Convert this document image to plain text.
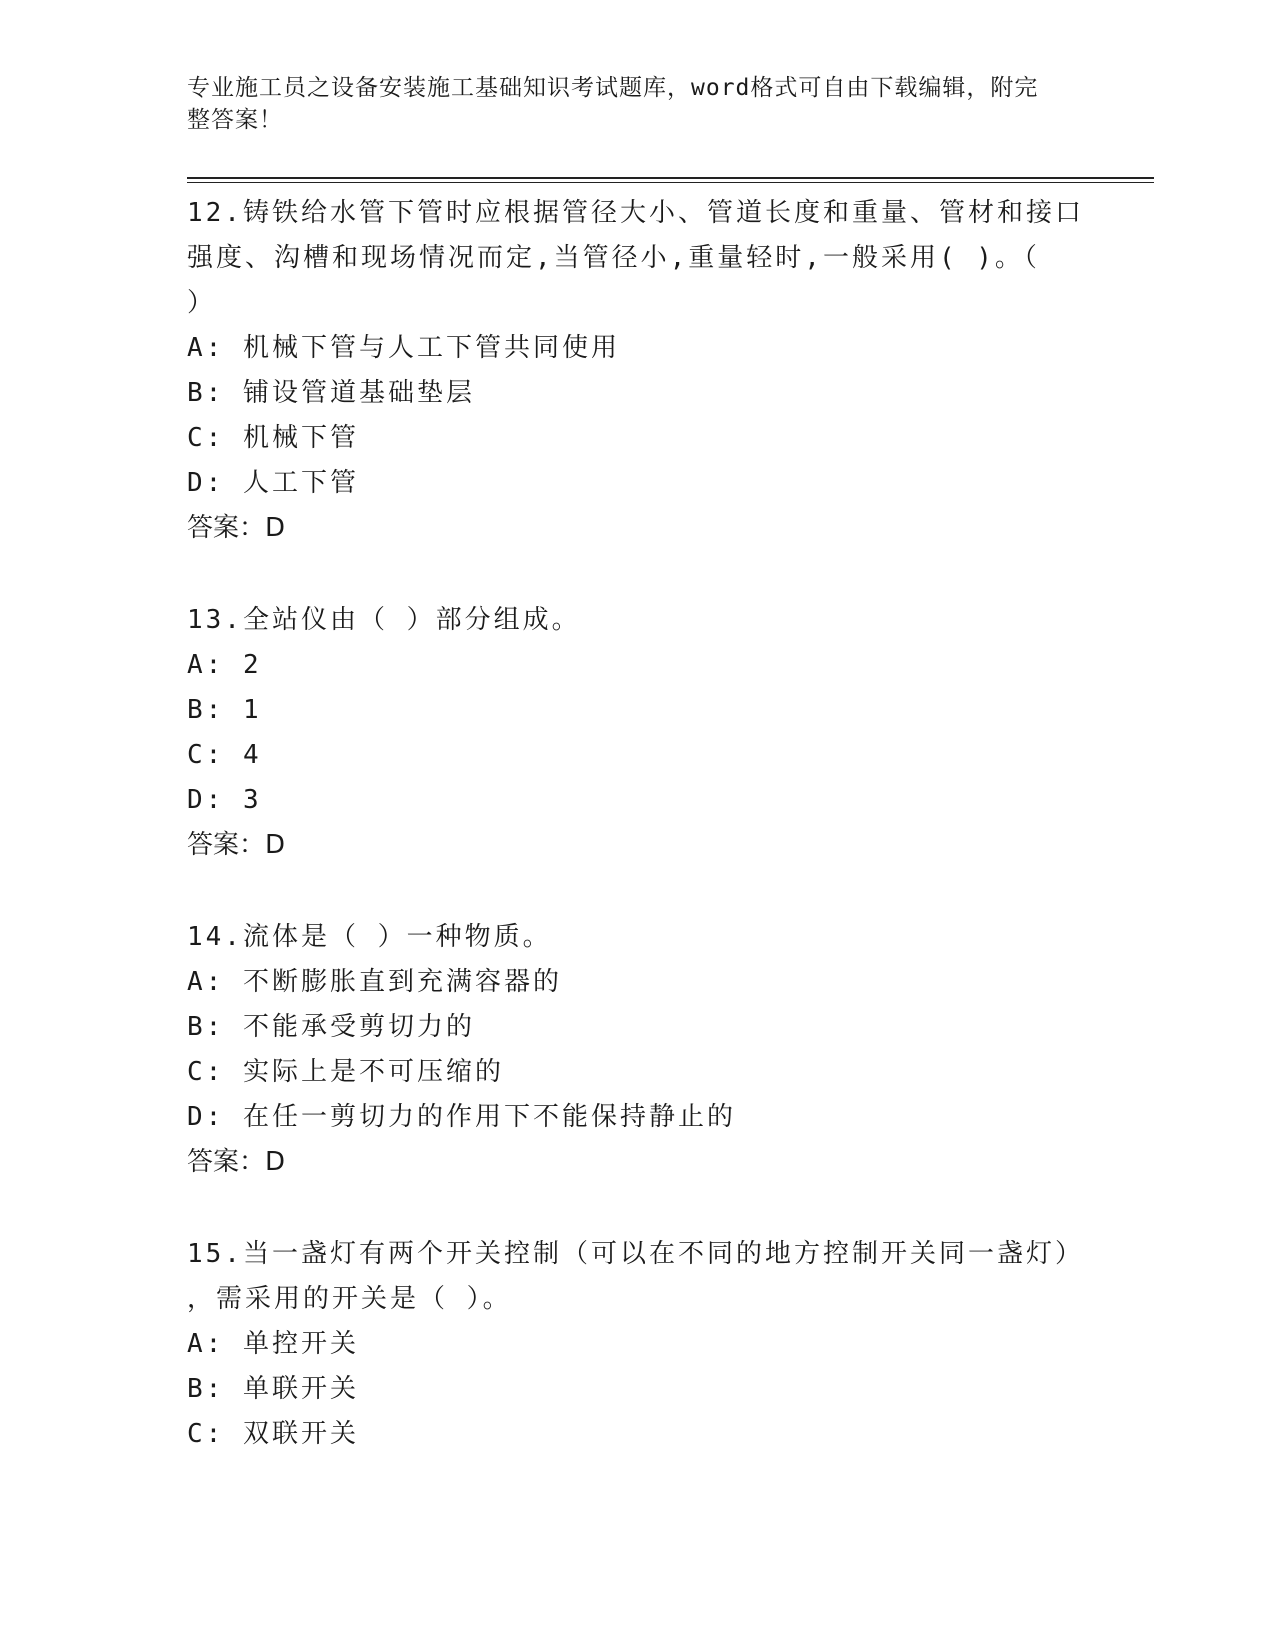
专业施工员之设备安装施工基础知识考试题库，word格式可自由下载编辑，附完
整答案！

12.铸铁给水管下管时应根据管径大小、管道长度和重量、管材和接口

强度、沟槽和现场情况而定,当管径小,重量轻时,一般采用( )。（

）

A: 机械下管与人工下管共同使用

B: 铺设管道基础垫层

C: 机械下管

D: 人工下管

答案：D

13.全站仪由（ ）部分组成。

A: 2

B: 1

C: 4

D: 3

答案：D

14.流体是（ ）一种物质。

A: 不断膨胀直到充满容器的

B: 不能承受剪切力的

C: 实际上是不可压缩的

D: 在任一剪切力的作用下不能保持静止的

答案：D

15.当一盏灯有两个开关控制（可以在不同的地方控制开关同一盏灯）

，需采用的开关是（ ）。

A: 单控开关

B: 单联开关

C: 双联开关
